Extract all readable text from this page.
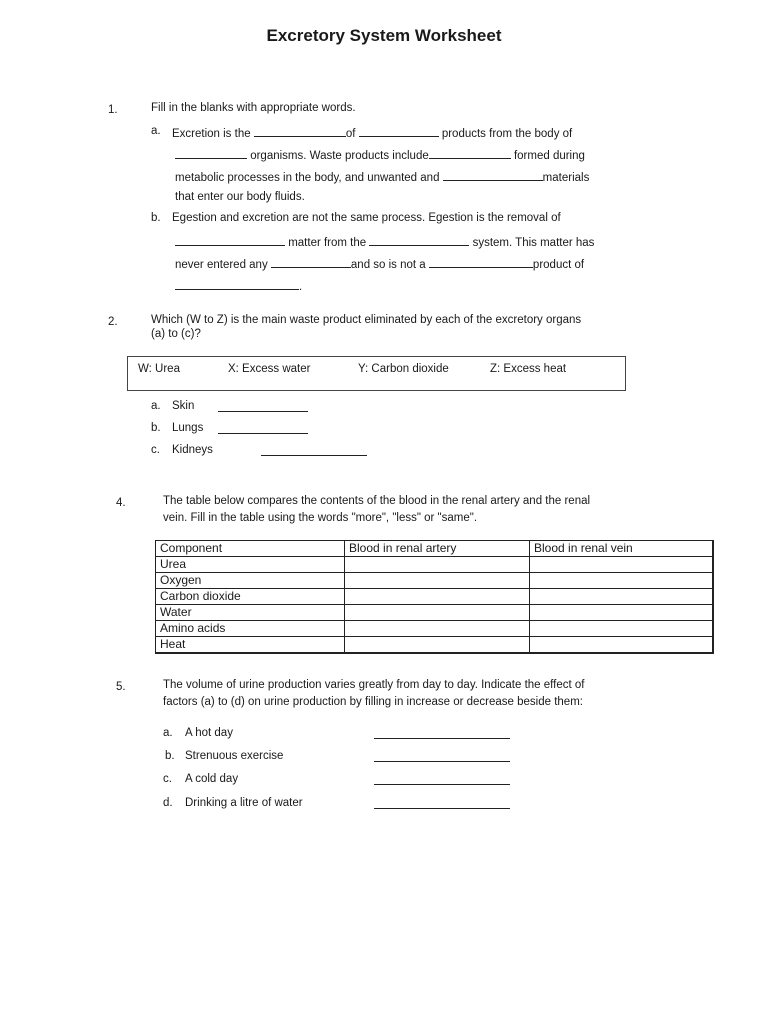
Excretory System Worksheet
1.	Fill in the blanks with appropriate words.
a. Excretion is the	of	products from the body of
organisms. Waste products include	formed during
metabolic processes in the body, and unwanted and	materials
that enter our body fluids.
b. Egestion and excretion are not the same process. Egestion is the removal of
matter from the	system. This matter has
never entered any	and so is not a	product of
.
2.	Which (W to Z) is the main waste product eliminated by each of the excretory organs
(a) to (c)?
W: Urea	X: Excess water	Y: Carbon dioxide	Z: Excess heat
a. Skin
b. Lungs
c. Kidneys
4.	The table below compares the contents of the blood in the renal artery and the renal
vein. Fill in the table using the words "more", "less" or "same".
Component	Blood in renal artery	Blood in renal vein
Urea		
Oxygen		
Carbon dioxide		
Water		
Amino acids		
Heat		
5.	The volume of urine production varies greatly from day to day. Indicate the effect of
factors (a) to (d) on urine production by filling in increase or decrease beside them:
a. A hot day
b. Strenuous exercise
c. A cold day
d. Drinking a litre of water
